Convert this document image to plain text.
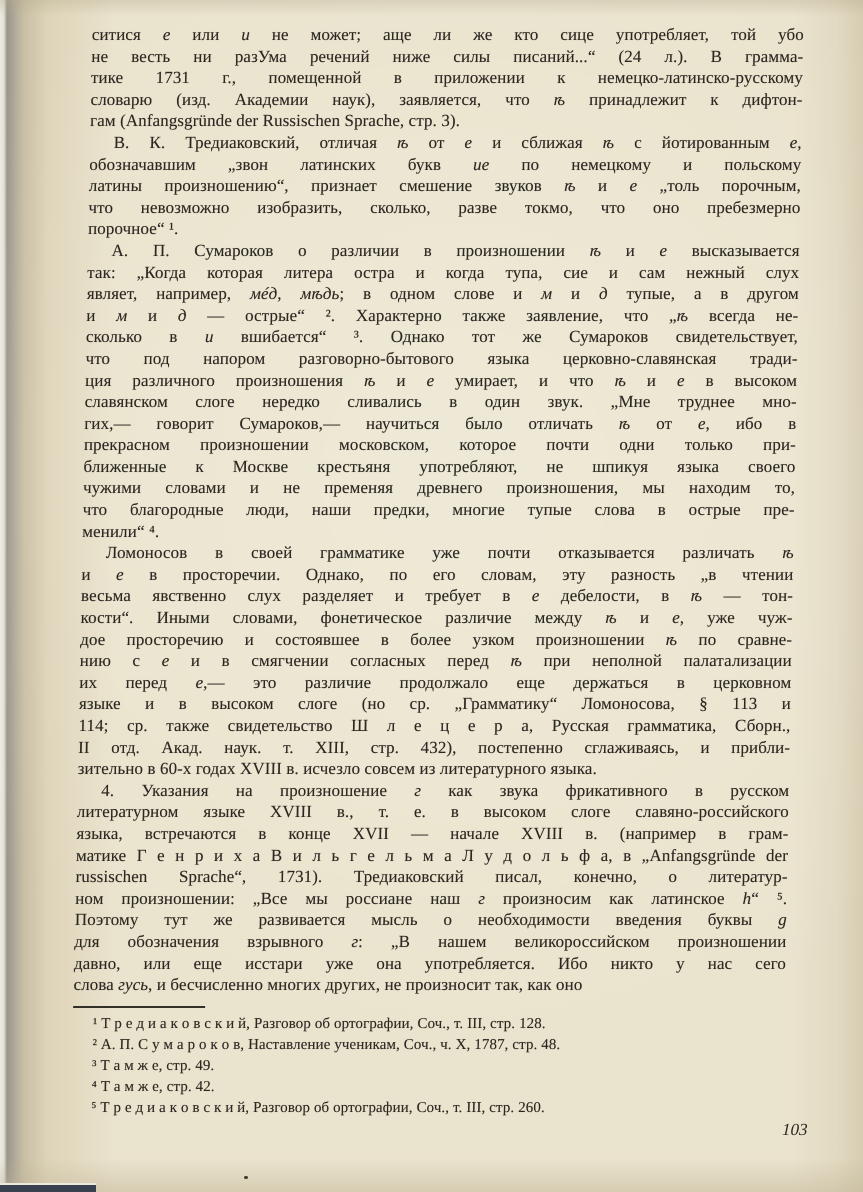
ситися е или и не может; аще ли же кто сице употребляет, той убо
не весть ни разУма речений ниже силы писаний...“ (24 л.). В грамма-
тике 1731 г., помещенной в приложении к немецко-латинско-русскому
словарю (изд. Академии наук), заявляется, что ѣ принадлежит к дифтон-
гам (Anfangsgründe der Russischen Sprache, стр. 3).
В. К. Тредиаковский, отличая ѣ от е и сближая ѣ с йотированным е,
обозначавшим „звон латинских букв ие по немецкому и польскому
латины произношению“, признает смешение звуков ѣ и е „толь порочным,
что невозможно изобразить, сколько, разве токмо, что оно пребезмерно
порочное“ ¹.
А. П. Сумароков о различии в произношении ѣ и е высказывается
так: „Когда которая литера остра и когда тупа, сие и сам нежный слух
являет, например, мéд, мѣдь; в одном слове и м и д тупые, а в другом
и м и д — острые“ ². Характерно также заявление, что „ѣ всегда не-
сколько в и вшибается“ ³. Однако тот же Сумароков свидетельствует,
что под напором разговорно-бытового языка церковно-славянская тради-
ция различного произношения ѣ и е умирает, и что ѣ и е в высоком
славянском слоге нередко сливались в один звук. „Мне труднее мно-
гих,— говорит Сумароков,— научиться было отличать ѣ от е, ибо в
прекрасном произношении московском, которое почти одни только при-
ближенные к Москве крестьяня употребляют, не шпикуя языка своего
чужими словами и не пременяя древнего произношения, мы находим то,
что благородные люди, наши предки, многие тупые слова в острые пре-
менили“ ⁴.
Ломоносов в своей грамматике уже почти отказывается различать ѣ
и е в просторечии. Однако, по его словам, эту разность „в чтении
весьма явственно слух разделяет и требует в е дебелости, в ѣ — тон-
кости“. Иными словами, фонетическое различие между ѣ и е, уже чуж-
дое просторечию и состоявшее в более узком произношении ѣ по сравне-
нию с е и в смягчении согласных перед ѣ при неполной палатализации
их перед е,— это различие продолжало еще держаться в церковном
языке и в высоком слоге (но ср. „Грамматику“ Ломоносова, § 113 и
114; ср. также свидетельство Ш л е ц е р а, Русская грамматика, Сборн.,
II отд. Акад. наук. т. XIII, стр. 432), постепенно сглаживаясь, и прибли-
зительно в 60-х годах XVIII в. исчезло совсем из литературного языка.
4. Указания на произношение г как звука фрикативного в русском
литературном языке XVIII в., т. е. в высоком слоге славяно-российского
языка, встречаются в конце XVII — начале XVIII в. (например в грам-
матике Г е н р и х а В и л ь г е л ь м а Л у д о л ь ф а, в „Anfangsgründe der
russischen Sprache“, 1731). Тредиаковский писал, конечно, о литератур-
ном произношении: „Все мы россиане наш г произносим как латинское h“ ⁵.
Поэтому тут же развивается мысль о необходимости введения буквы g
для обозначения взрывного г: „В нашем великороссийском произношении
давно, или еще исстари уже она употребляется. Ибо никто у нас сего
слова гусь, и бесчисленно многих других, не произносит так, как оно
¹ Т р е д и а к о в с к и й, Разговор об ортографии, Соч., т. III, стр. 128.
² А. П. С у м а р о к о в, Наставление ученикам, Соч., ч. X, 1787, стр. 48.
³ Т а м ж е, стр. 49.
⁴ Т а м ж е, стр. 42.
⁵ Т р е д и а к о в с к и й, Разговор об ортографии, Соч., т. III, стр. 260.
103
